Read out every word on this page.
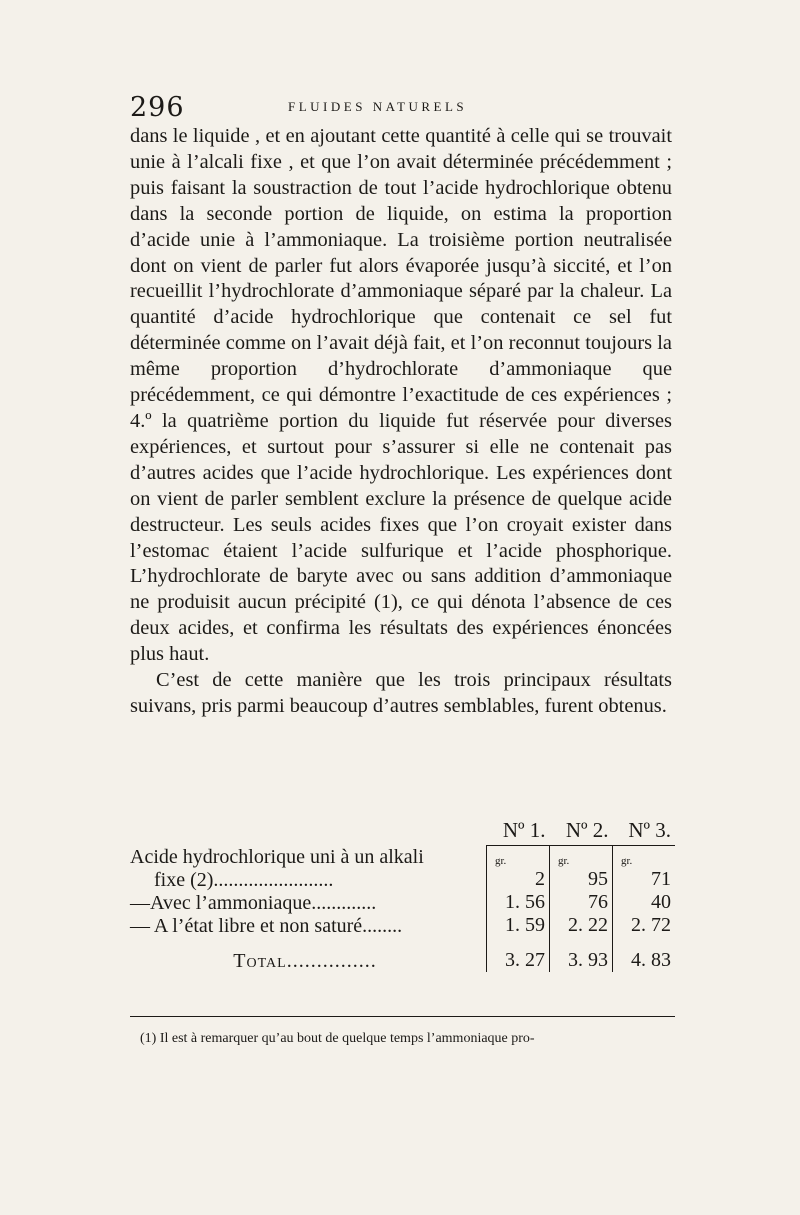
296	FLUIDES NATURELS

dans le liquide , et en ajoutant cette quantité à celle qui se trouvait unie à l’alcali fixe , et que l’on avait déterminée précédemment ; puis faisant la soustraction de tout l’acide hydrochlorique obtenu dans la seconde portion de liquide, on estima la proportion d’acide unie à l’ammoniaque. La troisième portion neutralisée dont on vient de parler fut alors évaporée jusqu’à siccité, et l’on recueillit l’hydrochlorate d’ammoniaque séparé par la chaleur. La quantité d’acide hydrochlorique que contenait ce sel fut déterminée comme on l’avait déjà fait, et l’on reconnut toujours la même proportion d’hydrochlorate d’ammoniaque que précédemment, ce qui démontre l’exactitude de ces expériences ; 4.º la quatrième portion du liquide fut réservée pour diverses expériences, et surtout pour s’assurer si elle ne contenait pas d’autres acides que l’acide hydrochlorique. Les expériences dont on vient de parler semblent exclure la présence de quelque acide destructeur. Les seuls acides fixes que l’on croyait exister dans l’estomac étaient l’acide sulfurique et l’acide phosphorique. L’hydrochlorate de baryte avec ou sans addition d’ammoniaque ne produisit aucun précipité (1), ce qui dénota l’absence de ces deux acides, et confirma les résultats des expériences énoncées plus haut.

C’est de cette manière que les trois principaux résultats suivans, pris parmi beaucoup d’autres semblables, furent obtenus.

	Nº 1.	Nº 2.	Nº 3.
Acide hydrochlorique uni à un alkali	gr.	gr.	gr.
fixe (2)........................	2	95	71
—Avec l’ammoniaque.............	1. 56	76	40
— A l’état libre et non saturé........	1. 59	2. 22	2. 72
Total...............	3. 27	3. 93	4. 83
(1) Il est à remarquer qu’au bout de quelque temps l’ammoniaque pro-
